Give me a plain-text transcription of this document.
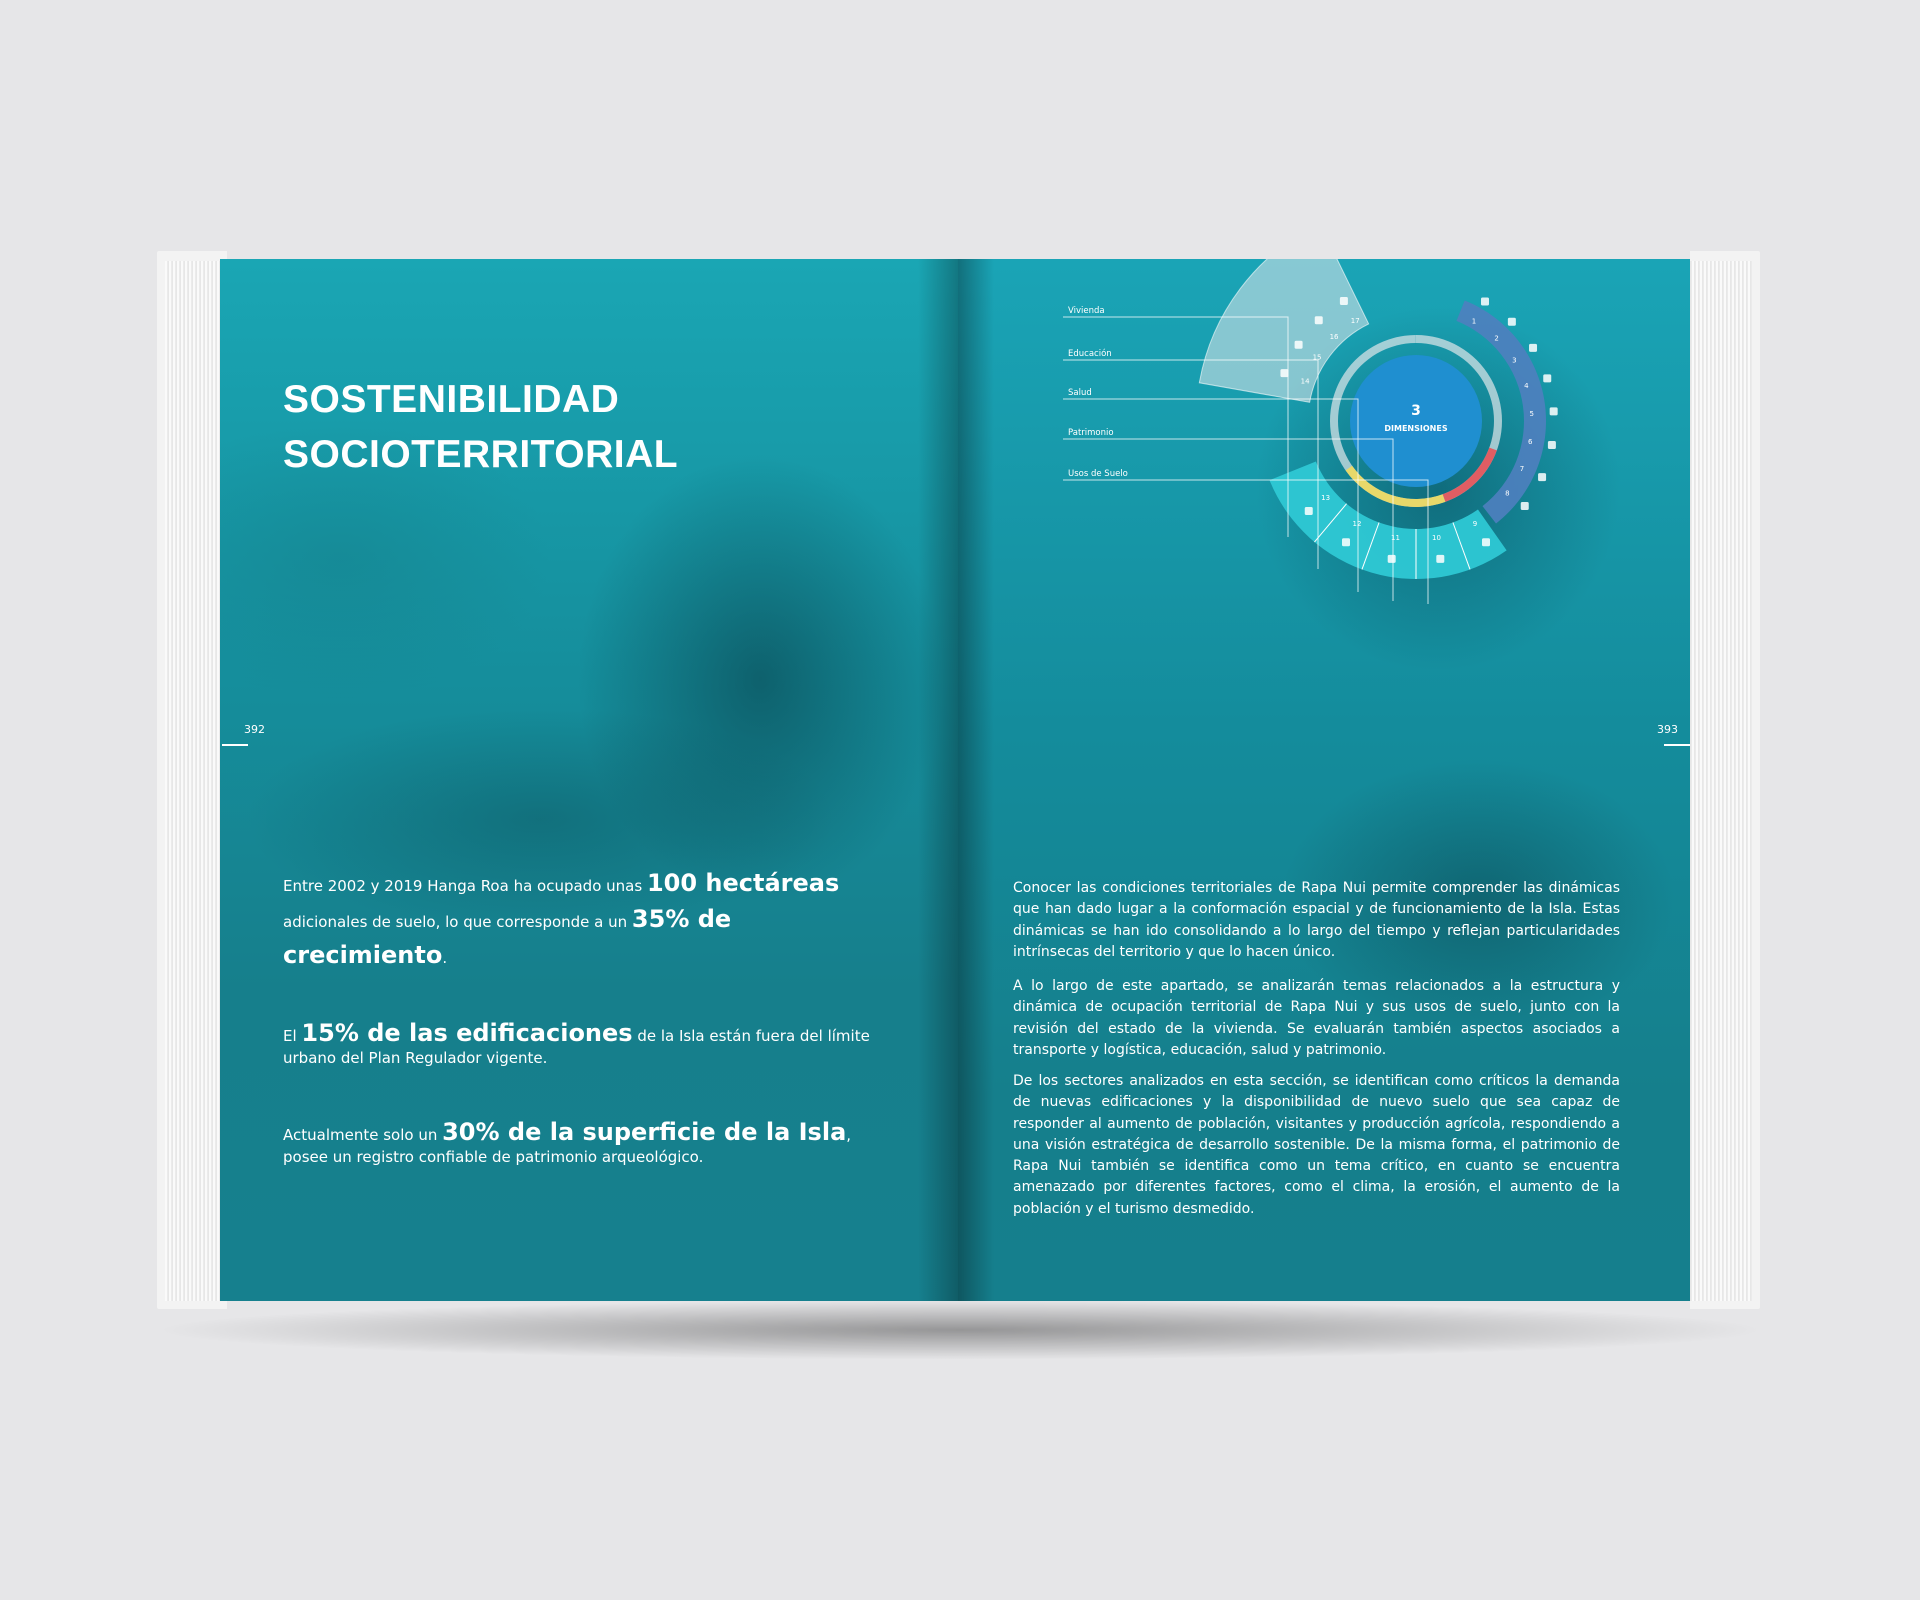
SOSTENIBILIDAD
SOCIOTERRITORIAL
392

Entre 2002 y 2019 Hanga Roa ha ocupado unas 100 hectáreas adicionales de suelo, lo que corresponde a un 35% de crecimiento.

El 15% de las edificaciones de la Isla están fuera del límite urbano del Plan Regulador vigente.

Actualmente solo un 30% de la superficie de la Isla, posee un registro confiable de patrimonio arqueológico.

1
2
3
4
5
6
7
8
9
10
11
12
13
14
15
16
17
3
DIMENSIONES
Vivienda
Educación
Salud
Patrimonio
Usos de Suelo
393

Conocer las condiciones territoriales de Rapa Nui permite comprender las dinámicas que han dado lugar a la conformación espacial y de funcionamiento de la Isla. Estas dinámicas se han ido consolidando a lo largo del tiempo y reflejan particularidades intrínsecas del territorio y que lo hacen único.

A lo largo de este apartado, se analizarán temas relacionados a la estructura y dinámica de ocupación territorial de Rapa Nui y sus usos de suelo, junto con la revisión del estado de la vivienda. Se evaluarán también aspectos asociados a transporte y logística, educación, salud y patrimonio.

De los sectores analizados en esta sección, se identifican como críticos la demanda de nuevas edificaciones y la disponibilidad de nuevo suelo que sea capaz de responder al aumento de población, visitantes y producción agrícola, respondiendo a una visión estratégica de desarrollo sostenible. De la misma forma, el patrimonio de Rapa Nui también se identifica como un tema crítico, en cuanto se encuentra amenazado por diferentes factores, como el clima, la erosión, el aumento de la población y el turismo desmedido.
